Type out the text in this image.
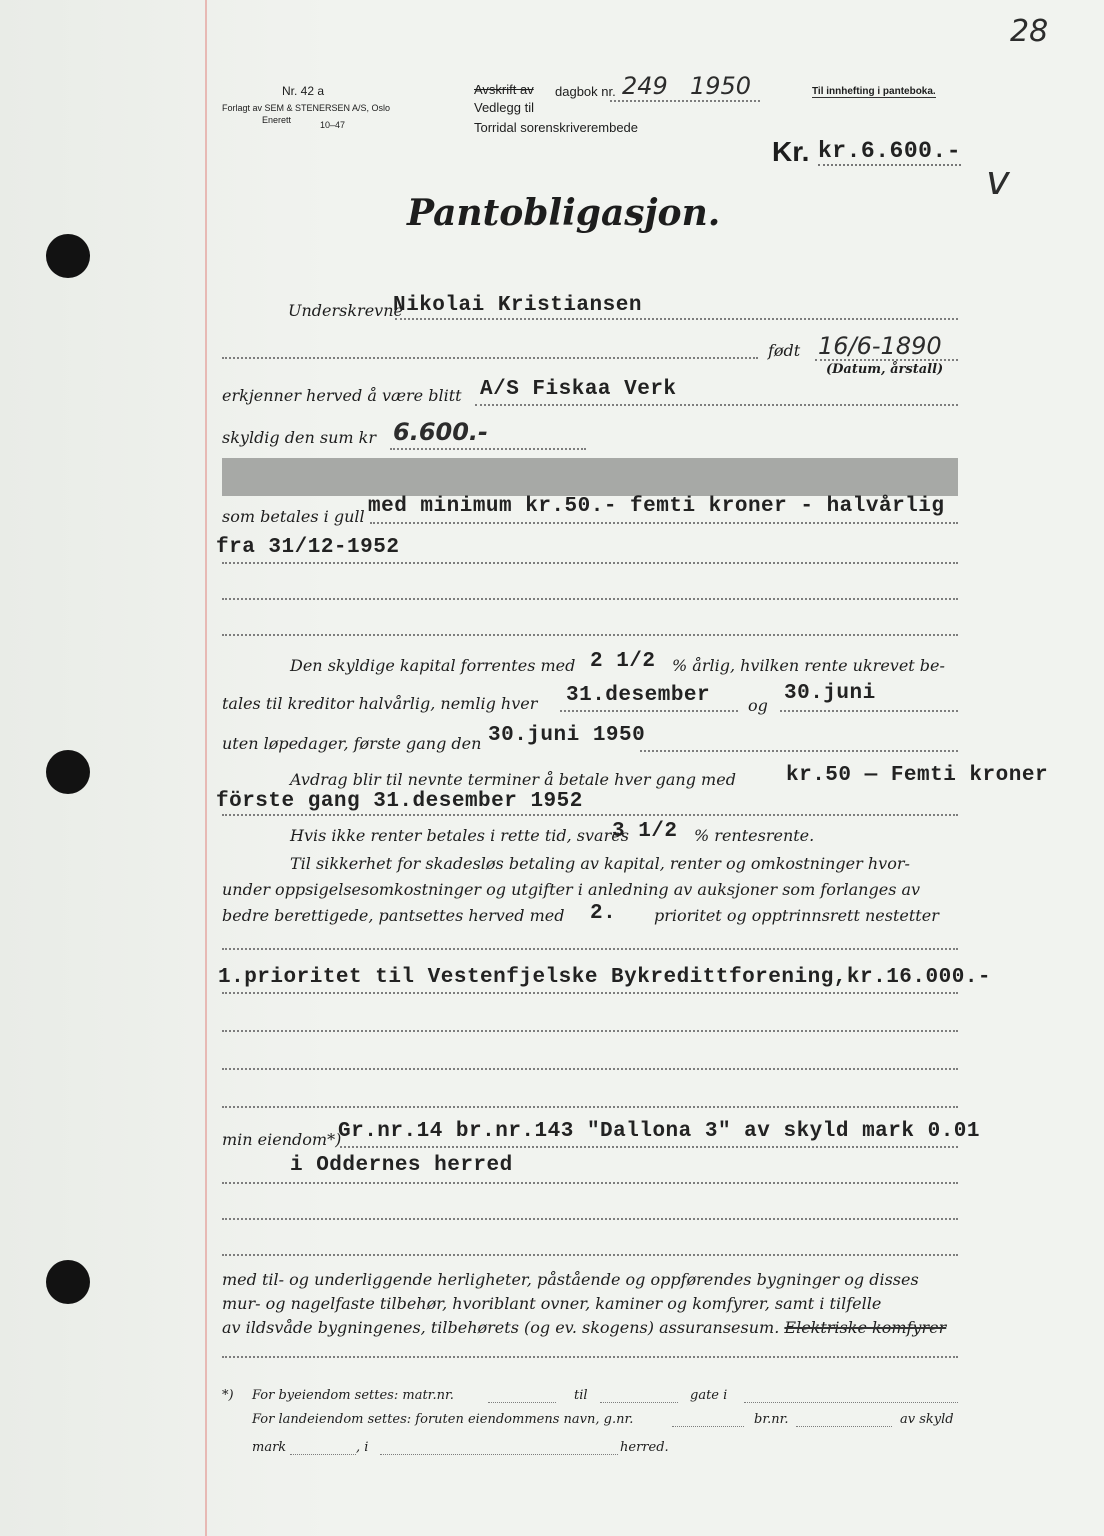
28
Nr. 42 a
Forlagt av SEM & STENERSEN A/S, Oslo
Enerett	10–47
Avskrift av
Vedlegg til
dagbok nr. 249 1950
Torridal sorenskriverembede
Til innhefting i panteboka.
Kr. kr.6.600.-
v
Pantobligasjon.
Underskrevne
Nikolai Kristiansen
født 16/6-1890
(Datum, årstall)
erkjenner herved å være blitt A/S Fiskaa Verk
skyldig den sum kr 6.600.-
som betales i gull med minimum kr.50.- femti kroner - halvårlig
fra 31/12-1952
Den skyldige kapital forrentes med 2 1/2 % årlig, hvilken rente ukrevet be-
tales til kreditor halvårlig, nemlig hver 31.desember og
30.juni
uten løpedager, første gang den 30.juni 1950
Avdrag blir til nevnte terminer å betale hver gang med kr.50 — Femti kroner
förste gang 31.desember 1952
Hvis ikke renter betales i rette tid, svares
3 1/2 % rentesrente.
Til sikkerhet for skadesløs betaling av kapital, renter og omkostninger hvor-
under oppsigelsesomkostninger og utgifter i anledning av auksjoner som forlanges av
bedre berettigede, pantsettes herved med 2. prioritet og opptrinnsrett nestetter
1.prioritet til Vestenfjelske Bykredittforening,kr.16.000.-
min eiendom*)
Gr.nr.14 br.nr.143 "Dallona 3" av skyld mark 0.01
i Oddernes herred
med til- og underliggende herligheter, påstående og oppførendes bygninger og disses
mur- og nagelfaste tilbehør, hvoriblant ovner, kaminer og komfyrer, samt i tilfelle
av ildsvåde bygningenes, tilbehørets (og ev. skogens) assuransesum. Elektriske komfyrer
*) For byeiendom settes: matr.nr.	til	gate i
For landeiendom settes: foruten eiendommens navn, g.nr.	br.nr.	av skyld
mark	, i	herred.
